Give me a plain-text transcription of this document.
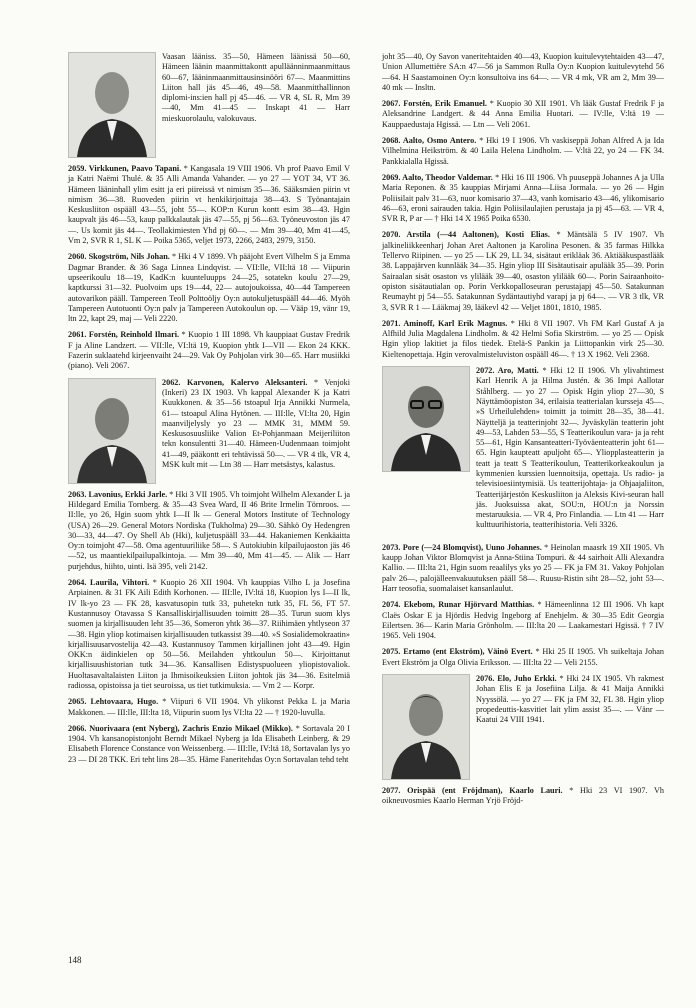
Vaasan lääniss. 35—50, Hämeen läänissä 50—60, Hämeen läänin maanmittakontt apulläänninmaanmittaus 60—67, lääninmaanmittausinsinööri 67—. Maanmittins Liiton hall jäs 45—46, 49—58. Maanmitthallinnon diplomi-ins:ien hall pj 45—46. — VR 4, SL R, Mm 39—40, Mm 41—45 — Inskapt 41 — Harr mieskuorolaulu, valokuvaus.
2059. Virkkunen, Paavo Tapani. * Kangasala 19 VIII 1906. Vh prof Paavo Emil V ja Katri Naëmi Thulé. & 35 Alli Amanda Vahander. — yo 27 — YOT 34, VT 36. Hämeen lääninhall ylim esitt ja eri piireissä vt nimism 35—36. Sääksmäen piirin vt nimism 36—38. Ruoveden piirin vt henkikirjoittaja 38—43. S Työnantajain Keskusliiton ospääll 43—55, joht 55—. KOP:n Kurun kontt esim 38—43. Hgin kaupvalt jäs 46—53, kaup palkkalautak jäs 47—55, pj 56—63. Työneuvoston jäs 47—. Us komit jäs 44—. Teollakimiesten Yhd pj 60—. — Mm 39—40, Mm 41—45, Vm 2, SVR R 1, SL K — Poika 5365, veljet 1973, 2266, 2483, 2979, 3150.
2060. Skogström, Nils Johan. * Hki 4 V 1899. Vh pääjoht Evert Vilhelm S ja Emma Dagmar Brander. & 36 Saga Linnea Lindqvist. — VII:lle, VII:ltä 18 — Viipurin upseerikoulu 18—19, KadK:n kuunteluupps 24—25, sotatekn koulu 27—29, kaptkurssi 31—32. Puolvoim ups 19—44, 22— autojoukoissa, 40—44 Tampereen autovarikon pääll. Tampereen Teoll Polttoöljy Oy:n autokuljetuspääll 44—46. Myöh Tampereen Autotuonti Oy:n palv ja Tampereen Autokoulun op. — Vääp 19, vänr 19, ltn 22, kapt 29, maj — Veli 2220.
2061. Forstén, Reinhold Ilmari. * Kuopio 1 III 1898. Vh kauppiaat Gustav Fredrik F ja Aline Landzert. — VII:lle, VI:ltä 19, Kuopion yhtk I—VII — Ekon 24 KKK. Fazerin suklaatehd kirjeenvaiht 24—29. Vak Oy Pohjolan virk 30—65. Harr musiikki (piano). Veli 2067.
2062. Karvonen, Kalervo Aleksanteri. * Venjoki (Inkeri) 23 IX 1903. Vh kappal Alexander K ja Katri Kuukkonen. & 35—56 tstoapul Irja Annikki Nurmela, 61— tstoapul Alina Hytönen. — III:lle, VI:lta 20, Hgin maanviljelysly yo 23 — MMK 31, MMM 59. Keskusosuusliike Valion Et-Pohjanmaan Meijeriliiton tekn konsulentti 31—40. Hämeen-Uudenmaan toimjoht 41—49, pääkontt eri tehtävissä 50—. — VR 4 tlk, VR 4, MSK kult mit — Ltn 38 — Harr metsästys, kalastus.
2063. Lavonius, Erkki Jarle. * Hki 3 VII 1905. Vh toimjoht Wilhelm Alexander L ja Hildegard Emilia Tornberg. & 35—43 Svea Ward, II 46 Brite Irmelin Törnroos. — II:lle, yo 26, Hgin suom yhtk I—II lk — General Motors Institute of Technology (USA) 26—29. General Motors Nordiska (Tukholma) 29—30. Sähkö Oy Hedengren 30—33, 44—47. Oy Shell Ab (Hki), kuljetuspääll 33—44. Hakaniemen Kenkäaitta Oy:n toimjoht 47—58. Oma agentuuriliike 58—. S Autokiubin kilpailujaoston jäs 46—52, us maantiekilpailupalkintoja. — Mm 39—40, Mm 41—45. — Alik — Harr purjehdus, hiihto, uinti. Isä 395, veli 2142.
2064. Laurila, Vihtori. * Kuopio 26 XII 1904. Vh kauppias Vilho L ja Josefina Arpiainen. & 31 FK Aili Edith Korhonen. — III:lle, IV:ltä 18, Kuopion lys I—II lk, IV lk-yo 23 — FK 28, kasvatusopin tutk 33, puhetekn tutk 35, FL 56, FT 57. Kustannusoy Otavassa S Kansalliskirjallisuuden toimitt 28—35. Turun suom klys suomen ja kirjallisuuden leht 35—36, Someron yhtk 36—37. Riihimäen yhtlyseon 37—38. Hgin yliop kotimaisen kirjallisuuden tutkassist 39—40. »S Sosialidemokraatin» kirjallisuusarvostelija 42—43. Kustannusoy Tammen kirjallinen joht 43—49. Hgin OKK:n äidinkielen op 50—56. Meilahden yhtkoulun 50—. Kirjoittanut kirjallisuushistorian tutk 34—36. Kansallisen Edistyspuolueen yliopistovaliok. Huoltasavaltalaisten Liiton ja Ihmisoikeuksien Liiton johtok jäs 34—36. Esitelmiä radiossa, opistoissa ja tiet seuroissa, us tiet tutkimuksia. — Vm 2 — Korpr.
2065. Lehtovaara, Hugo. * Viipuri 6 VII 1904. Vh ylikonst Pekka L ja Maria Makkonen. — III:lle, III:lta 18, Viipurin suom lys VI:lta 22 — † 1920-luvulla.
2066. Nuorivaara (ent Nyberg), Zachris Enzio Mikael (Mikko). * Sortavala 20 I 1904. Vh kansanopistonjoht Berndt Mikael Nyberg ja Ida Elisabeth Leinberg. & 29 Elisabeth Florence Constance von Weissenberg. — III:lle, IV:ltä 18, Sortavalan lys yo 23 — DI 28 TKK. Eri teht lins 28—35. Häme Faneritehdas Oy:n Sortavalan tehd teht
joht 35—40, Oy Savon vaneritehtaiden 40—43, Kuopion kuitulevytehtaiden 43—47, Union Allumettiëre SA:n 47—56 ja Sammon Rulla Oy:n Kuopion kuitulevytehd 56—64. H Saastamoinen Oy:n konsultoiva ins 64—. — VR 4 mk, VR am 2, Mm 39—40 mk — Insltn.
2067. Forstén, Erik Emanuel. * Kuopio 30 XII 1901. Vh lääk Gustaf Fredrik F ja Aleksandrine Landgert. & 44 Anna Emilia Huotari. — IV:lle, V:ltä 19 — Kauppaedustaja Hgissä. — Ltn — Veli 2061.
2068. Aalto, Osmo Antero. * Hki 19 I 1906. Vh vaskiseppä Johan Alfred A ja Ida Vilhelmina Heikström. & 40 Laila Helena Lindholm. — V:ltä 22, yo 24 — FK 34. Pankkialalla Hgissä.
2069. Aalto, Theodor Valdemar. * Hki 16 III 1906. Vh puuseppä Johannes A ja Ulla Maria Reponen. & 35 kauppias Mirjami Anna—Liisa Jormala. — yo 26 — Hgin Poliisilait palv 31—63, nuor komisario 37—43, vanh komisario 43—46, ylikomisario 46—63, eroni sairauden takia. Hgin Poliisilaulajien perustaja ja pj 45—63. — VR 4, SVR R, P ar — † Hki 14 X 1965 Poika 6530.
2070. Arstila (—44 Aaltonen), Kosti Elias. * Mäntsälä 5 IV 1907. Vh jalkineliikkeenharj Johan Aret Aaltonen ja Karolina Pesonen. & 35 farmas Hilkka Tellervo Riipinen. — yo 25 — LK 29, LL 34, sisätaut erikläak 36. Aktiääkuspastlääk 38. Lappajärven kunnlääk 34—35. Hgin yliop III Sisätautisair apulääk 35—39. Porin Sairaalan sisät osaston vs ylilääk 39—40, osaston ylilääk 60—. Porin Sairaanhoito-opiston sisätautialan op. Porin Verkkopalloseuran perustajapj 45—50. Satakunnan Reumayht pj 54—55. Satakunnan Sydäntautiyhd varapj ja pj 64—. — VR 3 tlk, VR 3, SVR R 1 — Lääkmaj 39, lääkevl 42 — Veljet 1801, 1810, 1985.
2071. Aminoff, Karl Erik Magnus. * Hki 8 VII 1907. Vh FM Karl Gustaf A ja Alfhild Julia Magdalena Lindholm. & 42 Helmi Sofia Skirström. — yo 25 — Opisk Hgin yliop lakitiet ja filos tiedek. Etelä-S Pankin ja Liittopankin virk 25—30. Kieltenopettaja. Hgin verovalmisteluviston ospääll 46—. † 13 X 1962. Veli 2368.
2072. Aro, Matti. * Hki 12 II 1906. Vh ylivahtimest Karl Henrik A ja Hilma Justén. & 36 Impi Aallotar Ståhlberg. — yo 27 — Opisk Hgin yliop 27—30, S Näyttämöopiston 34, erilaisia teatterialan kursseja 45—. »S Urheilulehden» toimitt ja toimitt 28—35, 38—41. Näytteljä ja teatterinjoht 32—. Jyväskylän teatterin joht 49—53, Lahden 53—55, S Teatterikoulun vara- ja ja reht 55—61, Hgin Kansanteatteri-Työväenteatterin joht 61—65. Hgin kaupteatt apuljoht 65—. Yliopplasteatterin ja teatt ja teatt S Teatterikoulun, Teatterikorkeakoulun ja kymmenien kurssien luennoitsija, opettaja. Us radio- ja televisioesiintymisiä. Us teatterijohtaja- ja Ohjaajaliiton, Teatterijärjestön Keskusliiton ja Aleksis Kivi-seuran hall jäs. Juoksuissa akat, SOU:n, HOU:n ja Norssin mestaruuksia. — VR 4, Pro Finlandia. — Ltn 41 — Harr kulttuurihistoria, teatterihistoria. Veli 3326.
2073. Pore (—24 Blomqvist), Uuno Johannes. * Heinolan maasrk 19 XII 1905. Vh kaupp Johan Viktor Blomqvist ja Anna-Stiina Tompuri. & 44 sairhoit Alli Alexandra Kallio. — III:lta 21, Hgin suom reaalilys yks yo 25 — FK ja FM 31. Vakoy Pohjolan palv 26—, palojälleenvakuutuksen pääll 58—. Ruusu-Ristin siht 28—52, joht 53—. Harr teosofia, suomalaiset kansanlaulut.
2074. Ekebom, Runar Hjörvard Matthias. * Hämeenlinna 12 III 1906. Vh kapt Claës Oskar E ja Hjördis Hedvig Ingeborg af Enehjelm. & 30—35 Edit Georgia Eilertsen. 36— Karin Maria Grönholm. — III:lta 20 — Laakamestari Hgissä. † 7 IV 1965. Veli 1904.
2075. Ertamo (ent Ekström), Väinö Evert. * Hki 25 II 1905. Vh suikeltaja Johan Evert Ekström ja Olga Olivia Eriksson. — III:lta 22 — Veli 2155.
2076. Elo, Juho Erkki. * Hki 24 IX 1905. Vh rakmest Johan Elis E ja Josefiina Lilja. & 41 Maija Annikki Nyyssölä. — yo 27 — FK ja FM 32, FL 38. Hgin yliop propedeuttis-kasvitiet lait ylim assist 35—. — Vänr — Kaatui 24 VIII 1941.
2077. Orispää (ent Fröjdman), Kaarlo Lauri. * Hki 23 VI 1907. Vh oikneuvosmies Kaarlo Herman Yrjö Fröjd-
148
